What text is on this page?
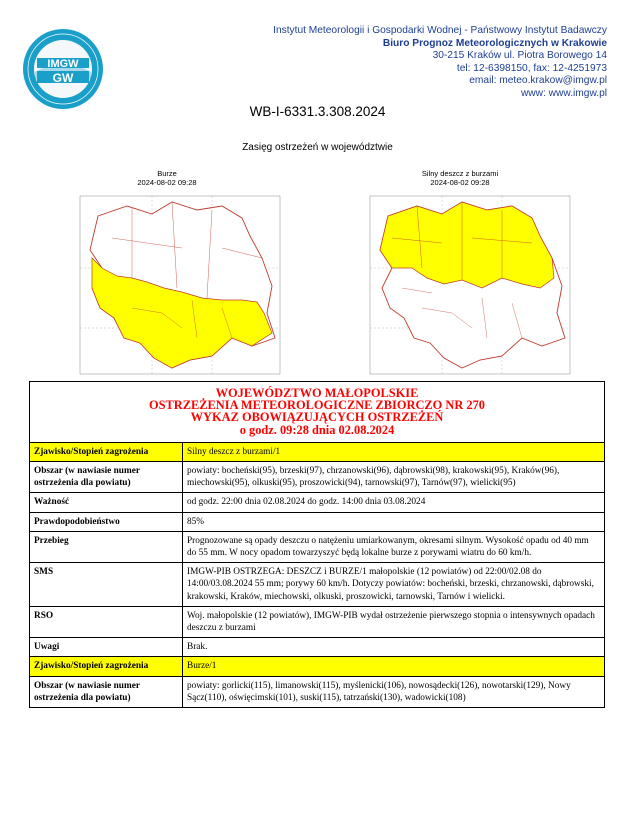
IMGW
GW
Instytut Meteorologii i Gospodarki Wodnej - Państwowy Instytut Badawczy
Biuro Prognoz Meteorologicznych w Krakowie
30-215 Kraków ul. Piotra Borowego 14
tel: 12-6398150, fax: 12-4251973
email: meteo.krakow@imgw.pl
www: www.imgw.pl
WB-I-6331.3.308.2024
Zasięg ostrzeżeń w województwie
Burze
2024-08-02 09:28
Silny deszcz z burzami
2024-08-02 09:28
WOJEWÓDZTWO MAŁOPOLSKIE
OSTRZEŻENIA METEOROLOGICZNE ZBIORCZO NR 270
WYKAZ OBOWIĄZUJĄCYCH OSTRZEŻEŃ
o godz. 09:28 dnia 02.08.2024	

Zjawisko/Stopień zagrożenia	Silny deszcz z burzami/1
Obszar (w nawiasie numer ostrzeżenia dla powiatu)	powiaty: bocheński(95), brzeski(97), chrzanowski(96), dąbrowski(98), krakowski(95), Kraków(96), miechowski(95), olkuski(95), proszowicki(94), tarnowski(97), Tarnów(97), wielicki(95)
Ważność	od godz. 22:00 dnia 02.08.2024 do godz. 14:00 dnia 03.08.2024
Prawdopodobieństwo	85%
Przebieg	Prognozowane są opady deszczu o natężeniu umiarkowanym, okresami silnym. Wysokość opadu od 40 mm do 55 mm. W nocy opadom towarzyszyć będą lokalne burze z porywami wiatru do 60 km/h.
SMS	IMGW-PIB OSTRZEGA: DESZCZ i BURZE/1 małopolskie (12 powiatów) od 22:00/02.08 do 14:00/03.08.2024 55 mm; porywy 60 km/h. Dotyczy powiatów: bocheński, brzeski, chrzanowski, dąbrowski, krakowski, Kraków, miechowski, olkuski, proszowicki, tarnowski, Tarnów i wielicki.
RSO	Woj. małopolskie (12 powiatów), IMGW-PIB wydał ostrzeżenie pierwszego stopnia o intensywnych opadach deszczu z burzami
Uwagi	Brak.
Zjawisko/Stopień zagrożenia	Burze/1
Obszar (w nawiasie numer ostrzeżenia dla powiatu)	powiaty: gorlicki(115), limanowski(115), myślenicki(106), nowosądecki(126), nowotarski(129), Nowy Sącz(110), oświęcimski(101), suski(115), tatrzański(130), wadowicki(108)
